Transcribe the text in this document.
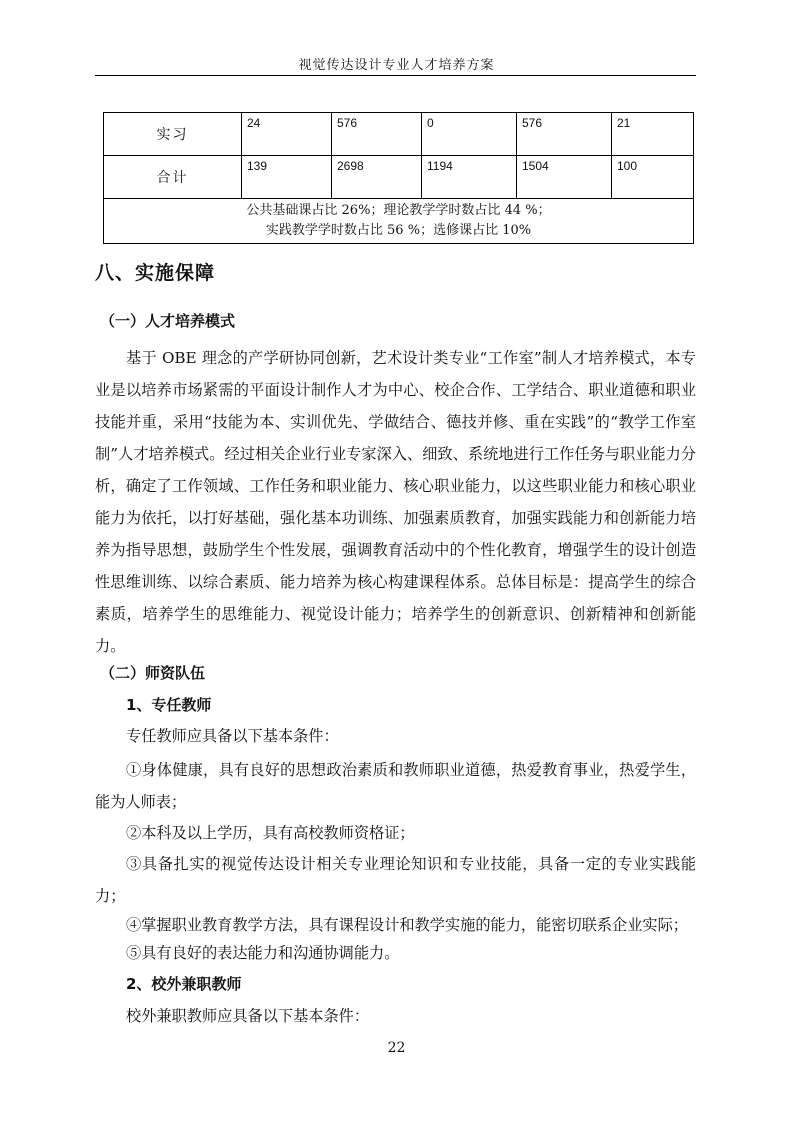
视觉传达设计专业人才培养方案
实习	24	576	0	576	21
合计	139	2698	1194	1504	100

公共基础课占比 26%；理论教学学时数占比 44 %；
实践教学学时数占比 56 %；选修课占比 10%					
八、实施保障
（一）人才培养模式

基于 OBE 理念的产学研协同创新，艺术设计类专业“工作室”制人才培养模式，本专业是以培养市场紧需的平面设计制作人才为中心、校企合作、工学结合、职业道德和职业技能并重，采用“技能为本、实训优先、学做结合、德技并修、重在实践”的“教学工作室制”人才培养模式。经过相关企业行业专家深入、细致、系统地进行工作任务与职业能力分析，确定了工作领域、工作任务和职业能力、核心职业能力，以这些职业能力和核心职业能力为依托，以打好基础，强化基本功训练、加强素质教育，加强实践能力和创新能力培养为指导思想，鼓励学生个性发展，强调教育活动中的个性化教育，增强学生的设计创造性思维训练、以综合素质、能力培养为核心构建课程体系。总体目标是：提高学生的综合素质，培养学生的思维能力、视觉设计能力；培养学生的创新意识、创新精神和创新能力。

（二）师资队伍
1、专任教师
专任教师应具备以下基本条件：

①身体健康，具有良好的思想政治素质和教师职业道德，热爱教育事业，热爱学生，能为人师表；

②本科及以上学历，具有高校教师资格证；

③具备扎实的视觉传达设计相关专业理论知识和专业技能，具备一定的专业实践能力；

④掌握职业教育教学方法，具有课程设计和教学实施的能力，能密切联系企业实际；
⑤具有良好的表达能力和沟通协调能力。
2、校外兼职教师
校外兼职教师应具备以下基本条件：
22
